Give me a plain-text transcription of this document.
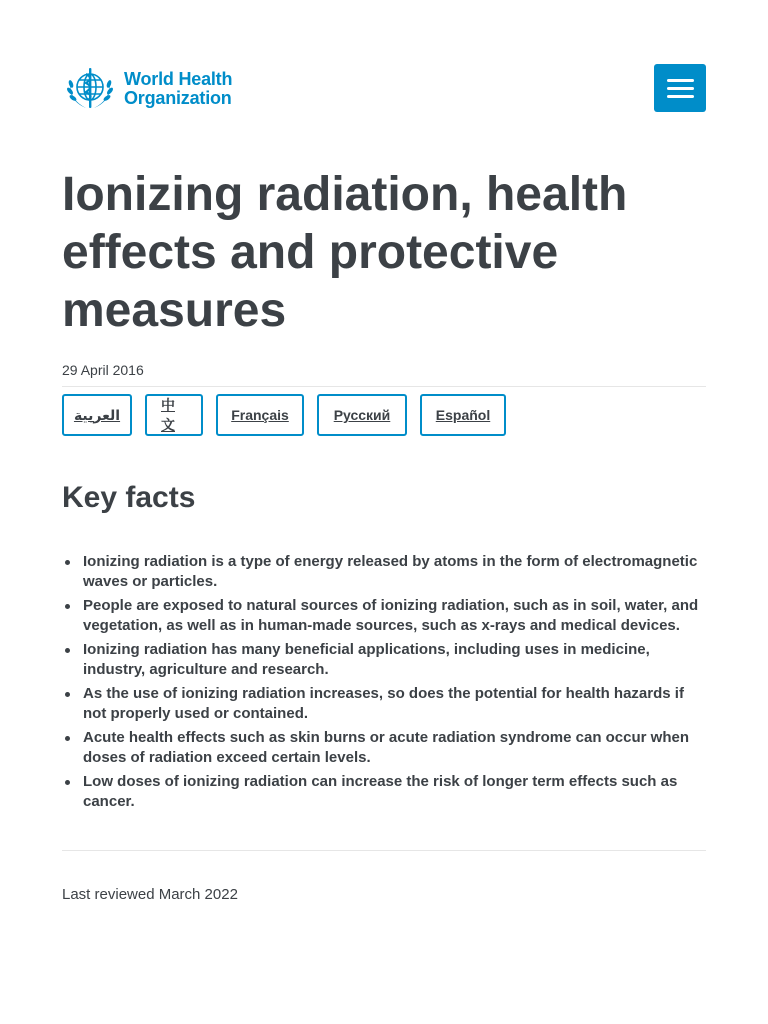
World Health
Organization
Ionizing radiation, health effects and protective measures
29 April 2016
العربية
中文
Français	Русский	Español
Key facts
Ionizing radiation is a type of energy released by atoms in the form of electromagnetic waves or particles.
People are exposed to natural sources of ionizing radiation, such as in soil, water, and vegetation, as well as in human-made sources, such as x-rays and medical devices.
Ionizing radiation has many beneficial applications, including uses in medicine, industry, agriculture and research.
As the use of ionizing radiation increases, so does the potential for health hazards if not properly used or contained.
Acute health effects such as skin burns or acute radiation syndrome can occur when doses of radiation exceed certain levels.
Low doses of ionizing radiation can increase the risk of longer term effects such as cancer.
Last reviewed March 2022
